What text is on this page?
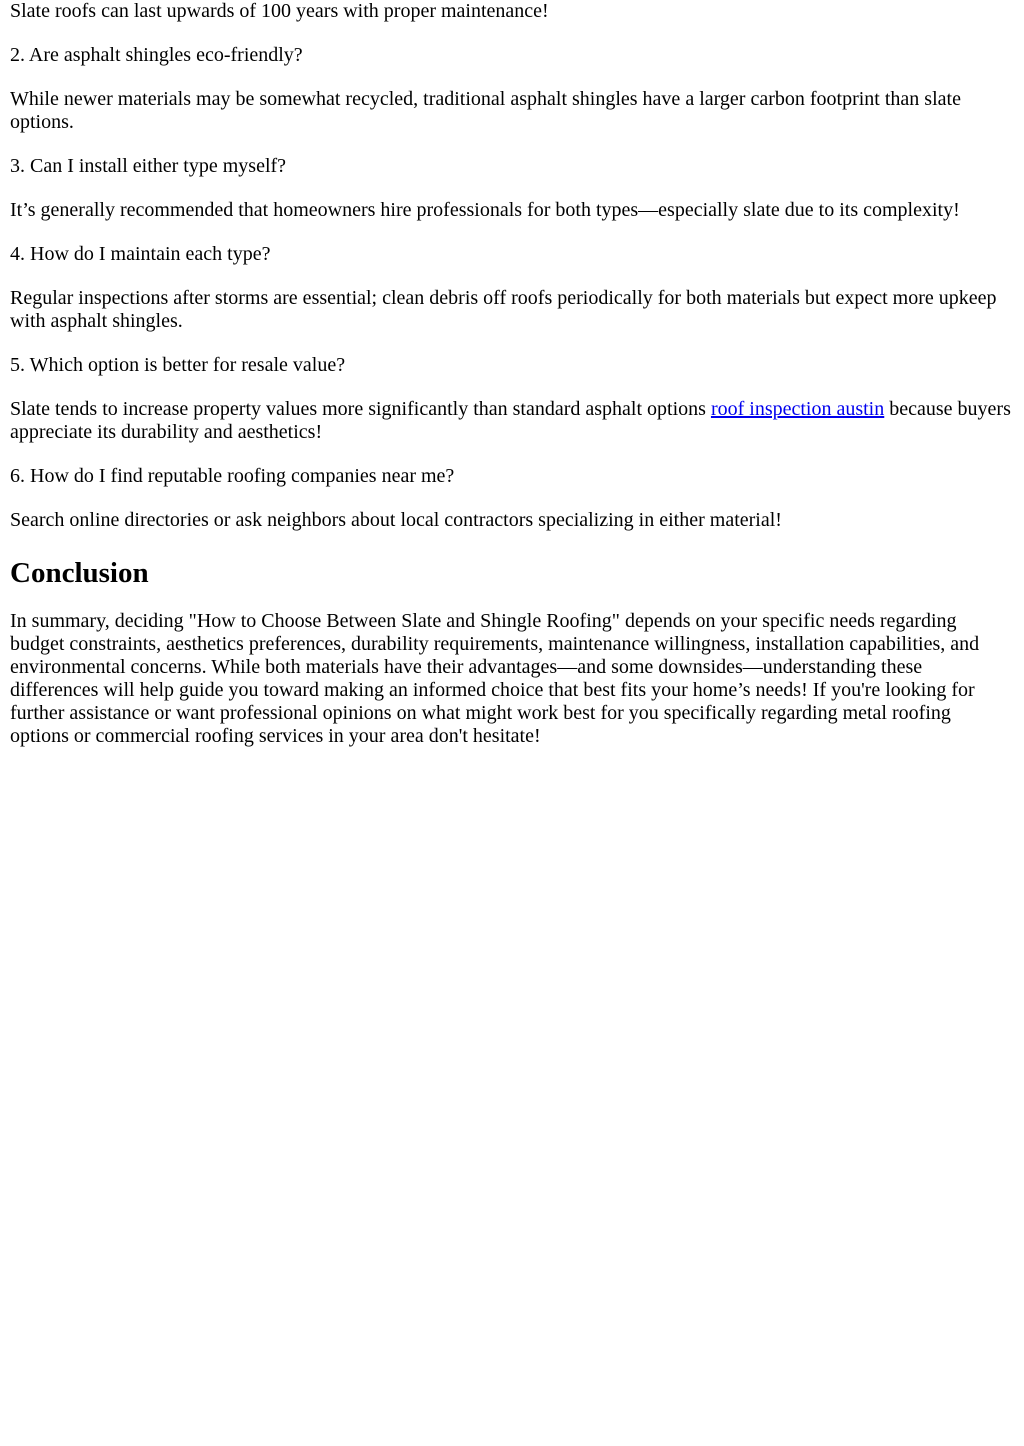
Slate roofs can last upwards of 100 years with proper maintenance!

2. Are asphalt shingles eco-friendly?

While newer materials may be somewhat recycled, traditional asphalt shingles have a larger carbon footprint than slate options.

3. Can I install either type myself?

It’s generally recommended that homeowners hire professionals for both types—especially slate due to its complexity!

4. How do I maintain each type?

Regular inspections after storms are essential; clean debris off roofs periodically for both materials but expect more upkeep with asphalt shingles.

5. Which option is better for resale value?

Slate tends to increase property values more significantly than standard asphalt options roof inspection austin because buyers appreciate its durability and aesthetics!

6. How do I find reputable roofing companies near me?

Search online directories or ask neighbors about local contractors specializing in either material!

Conclusion

In summary, deciding "How to Choose Between Slate and Shingle Roofing" depends on your specific needs regarding budget constraints, aesthetics preferences, durability requirements, maintenance willingness, installation capabilities, and environmental concerns. While both materials have their advantages—and some downsides—understanding these differences will help guide you toward making an informed choice that best fits your home’s needs! If you're looking for further assistance or want professional opinions on what might work best for you specifically regarding metal roofing options or commercial roofing services in your area don't hesitate!
